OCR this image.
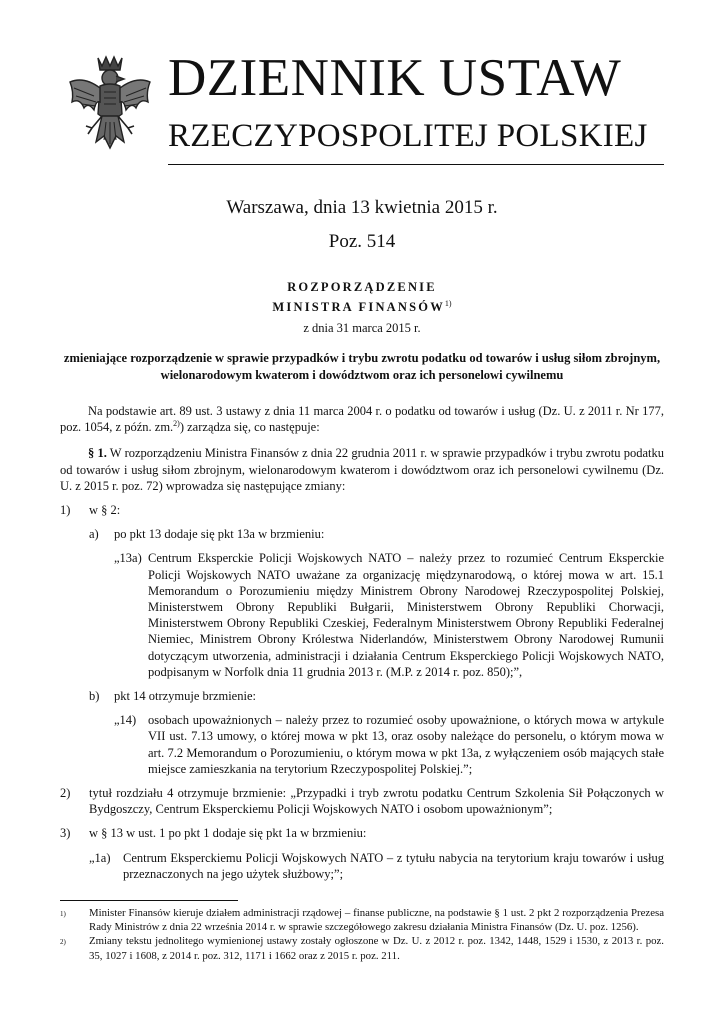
DZIENNIK USTAW
RZECZYPOSPOLITEJ POLSKIEJ
Warszawa, dnia 13 kwietnia 2015 r.
Poz. 514
ROZPORZĄDZENIE
MINISTRA FINANSÓW$^{1)}$
z dnia 31 marca 2015 r.
zmieniające rozporządzenie w sprawie przypadków i trybu zwrotu podatku od towarów i usług siłom zbrojnym, wielonarodowym kwaterom i dowództwom oraz ich personelowi cywilnemu

Na podstawie art. 89 ust. 3 ustawy z dnia 11 marca 2004 r. o podatku od towarów i usług (Dz. U. z 2011 r. Nr 177, poz. 1054, z późn. zm.$^{2)}$) zarządza się, co następuje:

§ 1. W rozporządzeniu Ministra Finansów z dnia 22 grudnia 2011 r. w sprawie przypadków i trybu zwrotu podatku od towarów i usług siłom zbrojnym, wielonarodowym kwaterom i dowództwom oraz ich personelowi cywilnemu (Dz. U. z 2015 r. poz. 72) wprowadza się następujące zmiany:

1)	w § 2:
a)	po pkt 13 dodaje się pkt 13a w brzmieniu:
„13a) Centrum Eksperckie Policji Wojskowych NATO – należy przez to rozumieć Centrum Eksperckie Policji Wojskowych NATO uważane za organizację międzynarodową, o której mowa w art. 15.1 Memorandum o Porozumieniu między Ministrem Obrony Narodowej Rzeczypospolitej Polskiej, Ministerstwem Obrony Republiki Bułgarii, Ministerstwem Obrony Republiki Chorwacji, Ministerstwem Obrony Republiki Czeskiej, Federalnym Ministerstwem Obrony Republiki Federalnej Niemiec, Ministrem Obrony Królestwa Niderlandów, Ministerstwem Obrony Narodowej Rumunii dotyczącym utworzenia, administracji i działania Centrum Eksperckiego Policji Wojskowych NATO, podpisanym w Norfolk dnia 11 grudnia 2013 r. (M.P. z 2014 r. poz. 850);”,
b)	pkt 14 otrzymuje brzmienie:
„14) osobach upoważnionych – należy przez to rozumieć osoby upoważnione, o których mowa w artykule VII ust. 7.13 umowy, o której mowa w pkt 13, oraz osoby należące do personelu, o którym mowa w art. 7.2 Memorandum o Porozumieniu, o którym mowa w pkt 13a, z wyłączeniem osób mających stałe miejsce zamieszkania na terytorium Rzeczypospolitej Polskiej.”;
2)	tytuł rozdziału 4 otrzymuje brzmienie: „Przypadki i tryb zwrotu podatku Centrum Szkolenia Sił Połączonych w Bydgoszczy, Centrum Eksperckiemu Policji Wojskowych NATO i osobom upoważnionym”;
3)	w § 13 w ust. 1 po pkt 1 dodaje się pkt 1a w brzmieniu:
„1a) Centrum Eksperckiemu Policji Wojskowych NATO – z tytułu nabycia na terytorium kraju towarów i usług przeznaczonych na jego użytek służbowy;”;
1)	Minister Finansów kieruje działem administracji rządowej – finanse publiczne, na podstawie § 1 ust. 2 pkt 2 rozporządzenia Prezesa Rady Ministrów z dnia 22 września 2014 r. w sprawie szczegółowego zakresu działania Ministra Finansów (Dz. U. poz. 1256).
2)	Zmiany tekstu jednolitego wymienionej ustawy zostały ogłoszone w Dz. U. z 2012 r. poz. 1342, 1448, 1529 i 1530, z 2013 r. poz. 35, 1027 i 1608, z 2014 r. poz. 312, 1171 i 1662 oraz z 2015 r. poz. 211.
